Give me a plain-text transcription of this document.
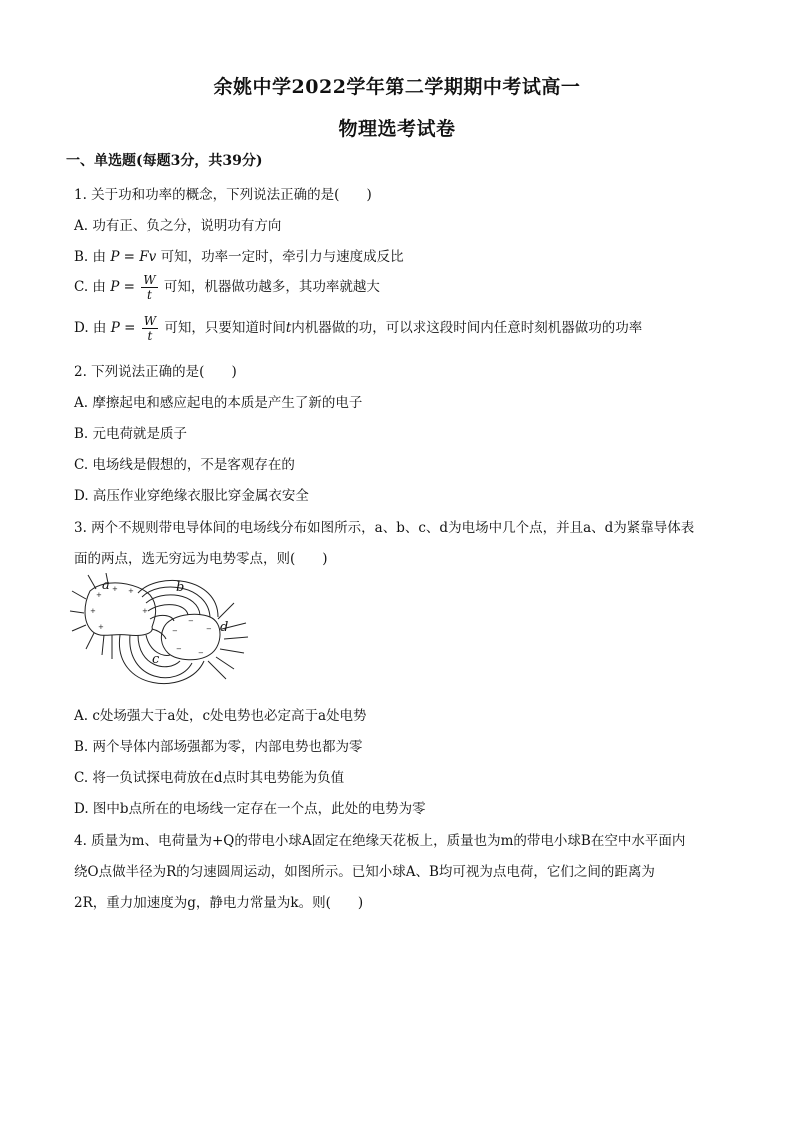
余姚中学2022学年第二学期期中考试高一
物理选考试卷
一、单选题(每题3分，共39分)
1. 关于功和功率的概念，下列说法正确的是(　　)
A. 功有正、负之分，说明功有方向
B. 由 P = Fv 可知，功率一定时，牵引力与速度成反比
C. 由 $P = \frac{W}{t}$ 可知，机器做功越多，其功率就越大
D. 由 $P = \frac{W}{t}$ 可知，只要知道时间t内机器做的功，可以求这段时间内任意时刻机器做功的功率
2. 下列说法正确的是(　　)
A. 摩擦起电和感应起电的本质是产生了新的电子
B. 元电荷就是质子
C. 电场线是假想的，不是客观存在的
D. 高压作业穿绝缘衣服比穿金属衣安全
3. 两个不规则带电导体间的电场线分布如图所示，a、b、c、d为电场中几个点，并且a、d为紧靠导体表
面的两点，选无穷远为电势零点，则(　　)
+
+ +
+	+
+	−
−
−
− −
a	b
c
d
A. c处场强大于a处，c处电势也必定高于a处电势
B. 两个导体内部场强都为零，内部电势也都为零
C. 将一负试探电荷放在d点时其电势能为负值
D. 图中b点所在的电场线一定存在一个点，此处的电势为零
4. 质量为m、电荷量为+Q的带电小球A固定在绝缘天花板上，质量也为m的带电小球B在空中水平面内
绕O点做半径为R的匀速圆周运动，如图所示。已知小球A、B均可视为点电荷，它们之间的距离为
2R，重力加速度为g，静电力常量为k。则(　　)
